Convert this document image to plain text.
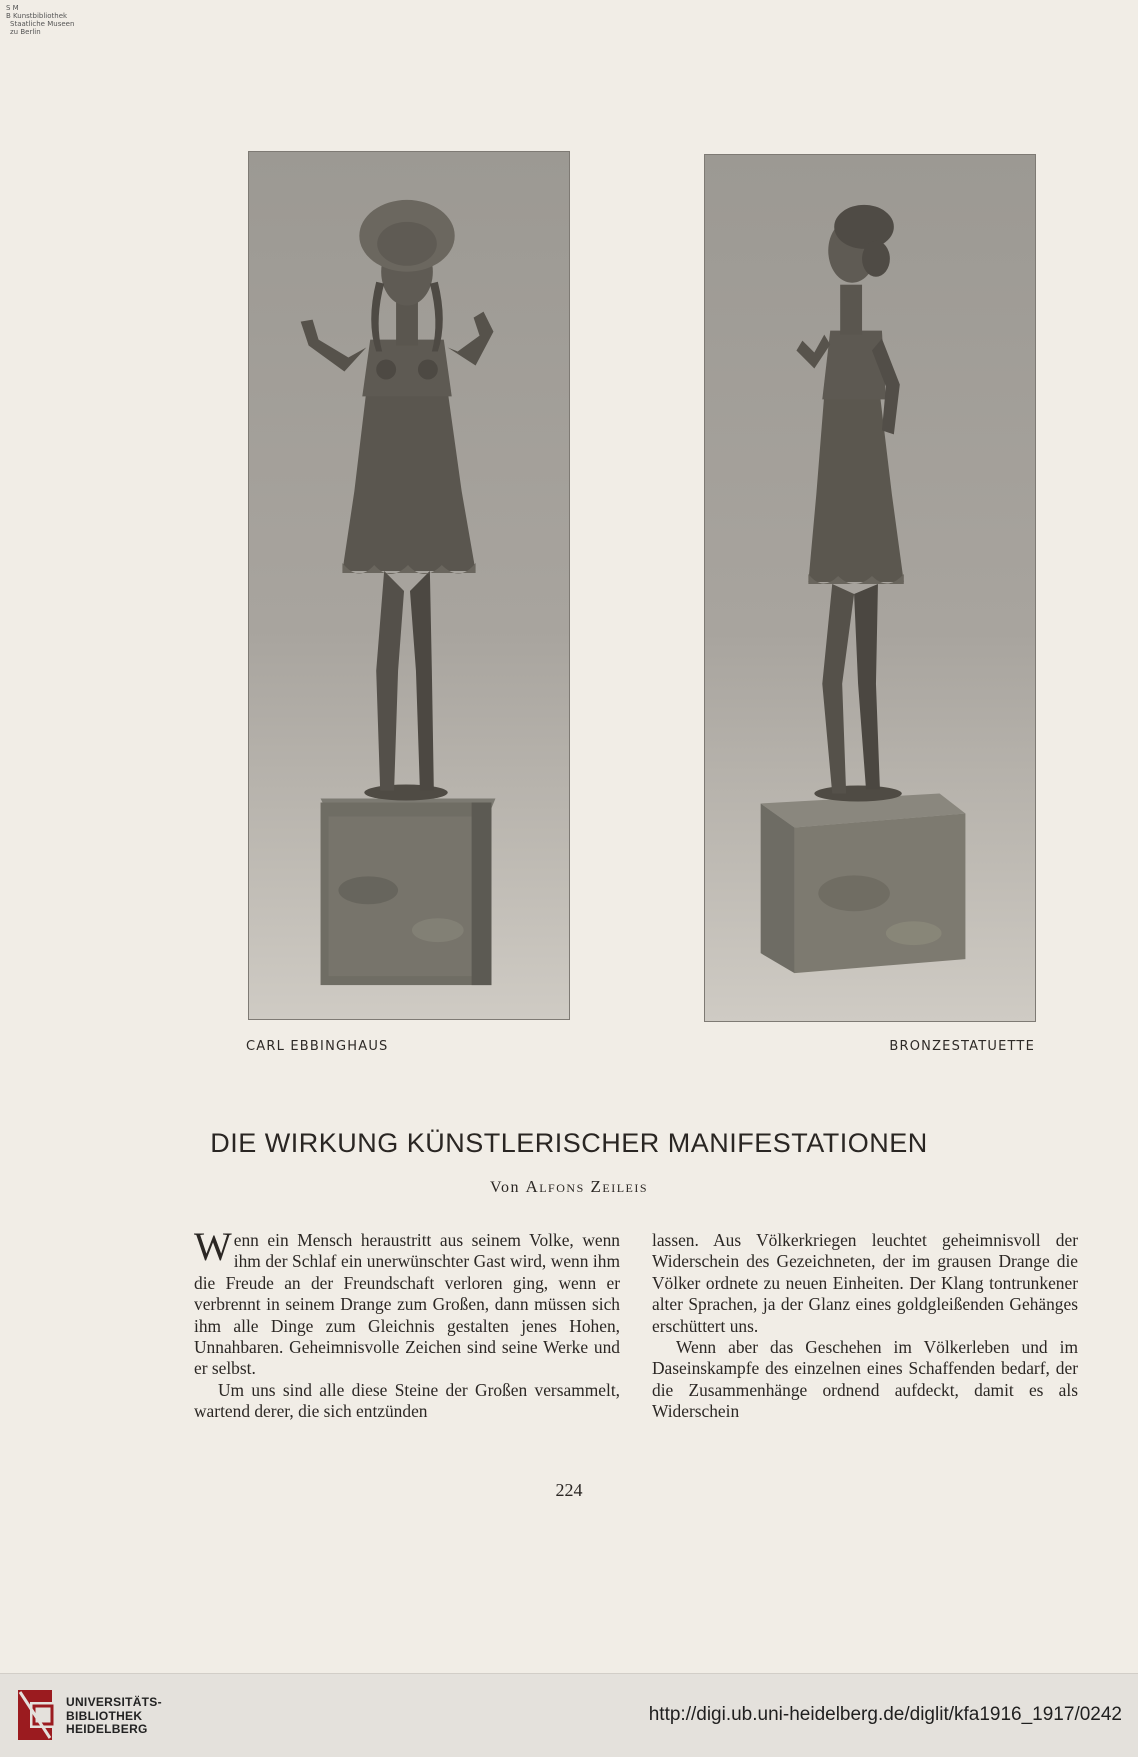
S M
B Kunstbibliothek
Staatliche Museen
zu Berlin
CARL EBBINGHAUS	BRONZESTATUETTE
DIE WIRKUNG KÜNSTLERISCHER MANIFESTATIONEN
Von Alfons Zeileis

Wenn ein Mensch heraustritt aus seinem Volke, wenn ihm der Schlaf ein unerwünschter Gast wird, wenn ihm die Freude an der Freundschaft verloren ging, wenn er verbrennt in seinem Drange zum Großen, dann müssen sich ihm alle Dinge zum Gleichnis gestalten jenes Hohen, Unnahbaren. Geheimnisvolle Zeichen sind seine Werke und er selbst.

Um uns sind alle diese Steine der Großen versammelt, wartend derer, die sich entzünden

lassen. Aus Völkerkriegen leuchtet geheimnisvoll der Widerschein des Gezeichneten, der im grausen Drange die Völker ordnete zu neuen Einheiten. Der Klang tontrunkener alter Sprachen, ja der Glanz eines goldgleißenden Gehänges erschüttert uns.

Wenn aber das Geschehen im Völkerleben und im Daseinskampfe des einzelnen eines Schaffenden bedarf, der die Zusammenhänge ordnend aufdeckt, damit es als Widerschein

224
UNIVERSITÄTS-
BIBLIOTHEK
HEIDELBERG
http://digi.ub.uni-heidelberg.de/diglit/kfa1916_1917/0242
